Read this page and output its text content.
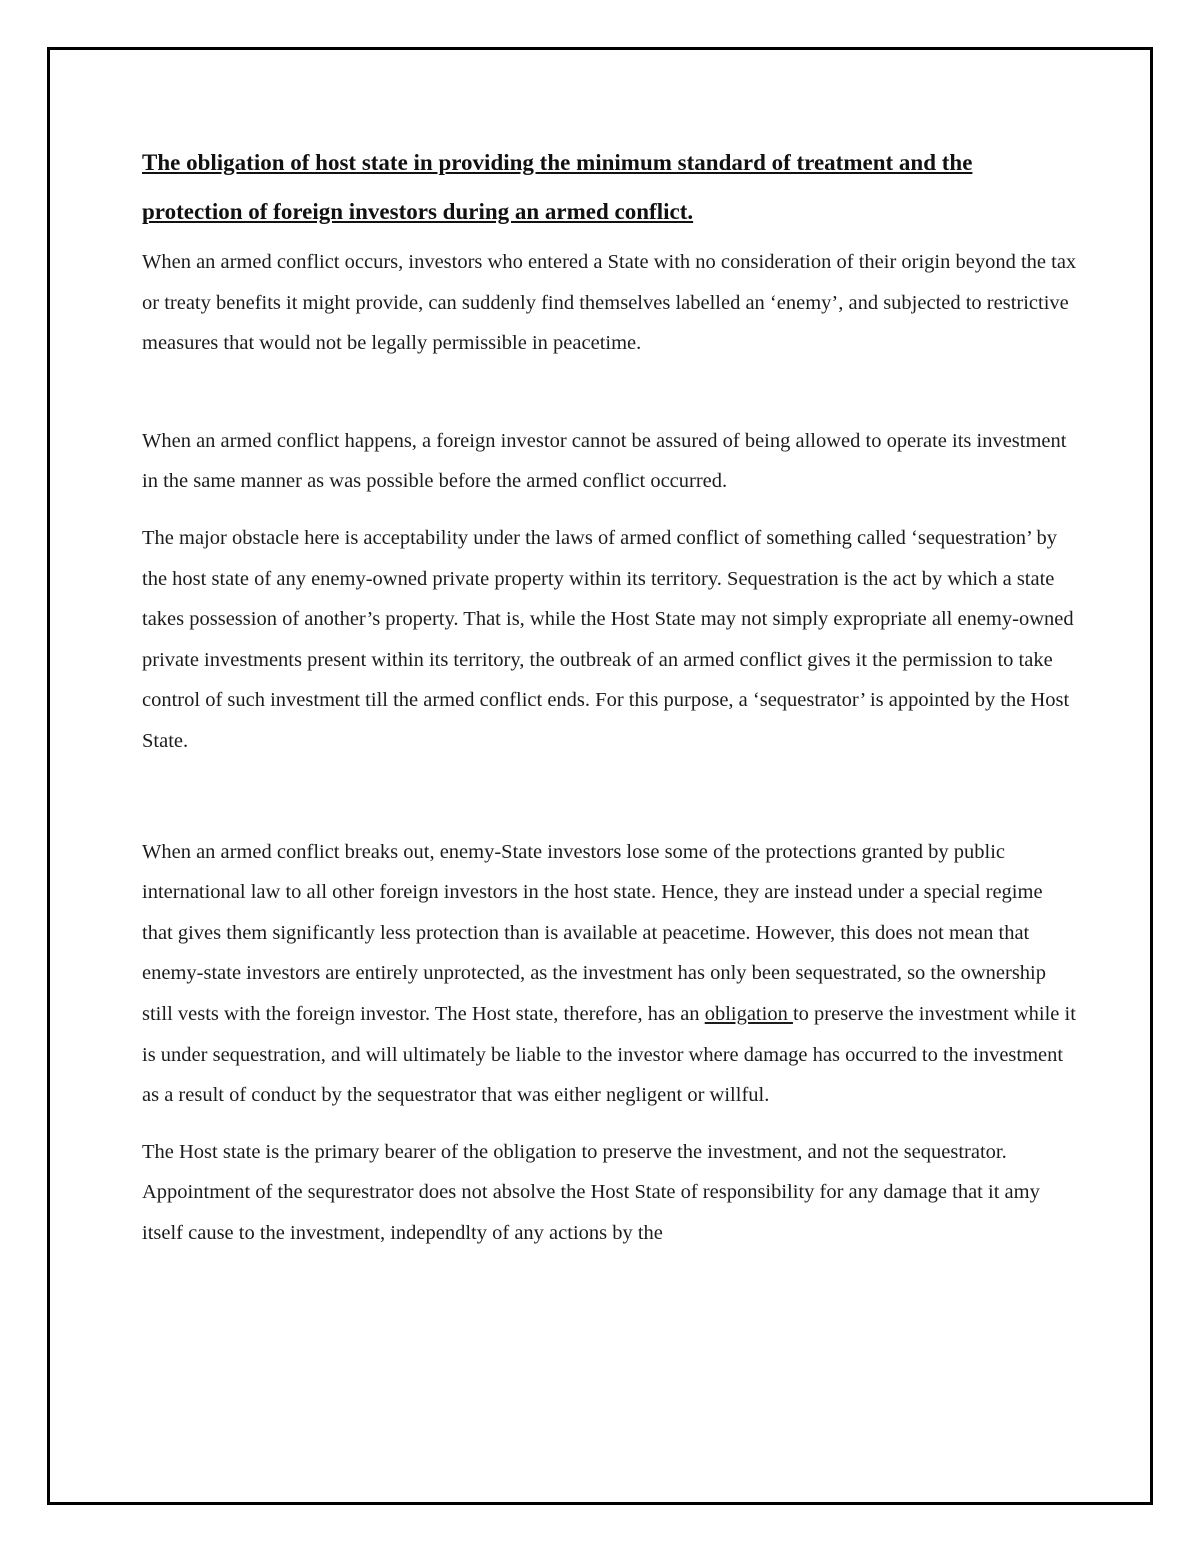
The obligation of host state in providing the minimum standard of treatment and the protection of foreign investors during an armed conflict.

When an armed conflict occurs, investors who entered a State with no consideration of their origin beyond the tax or treaty benefits it might provide, can suddenly find themselves labelled an ‘enemy’, and subjected to restrictive measures that would not be legally permissible in peacetime.

When an armed conflict happens, a foreign investor cannot be assured of being allowed to operate its investment in the same manner as was possible before the armed conflict occurred.

The major obstacle here is acceptability under the laws of armed conflict of something called ‘sequestration’ by the host state of any enemy-owned private property within its territory. Sequestration is the act by which a state takes possession of another’s property. That is, while the Host State may not simply expropriate all enemy-owned private investments present within its territory, the outbreak of an armed conflict gives it the permission to take control of such investment till the armed conflict ends. For this purpose, a ‘sequestrator’ is appointed by the Host State.

When an armed conflict breaks out, enemy-State investors lose some of the protections granted by public international law to all other foreign investors in the host state. Hence, they are instead under a special regime that gives them significantly less protection than is available at peacetime. However, this does not mean that enemy-state investors are entirely unprotected, as the investment has only been sequestrated, so the ownership still vests with the foreign investor. The Host state, therefore, has an obligation to preserve the investment while it is under sequestration, and will ultimately be liable to the investor where damage has occurred to the investment as a result of conduct by the sequestrator that was either negligent or willful.

The Host state is the primary bearer of the obligation to preserve the investment, and not the sequestrator. Appointment of the sequrestrator does not absolve the Host State of responsibility for any damage that it amy itself cause to the investment, independlty of any actions by the
